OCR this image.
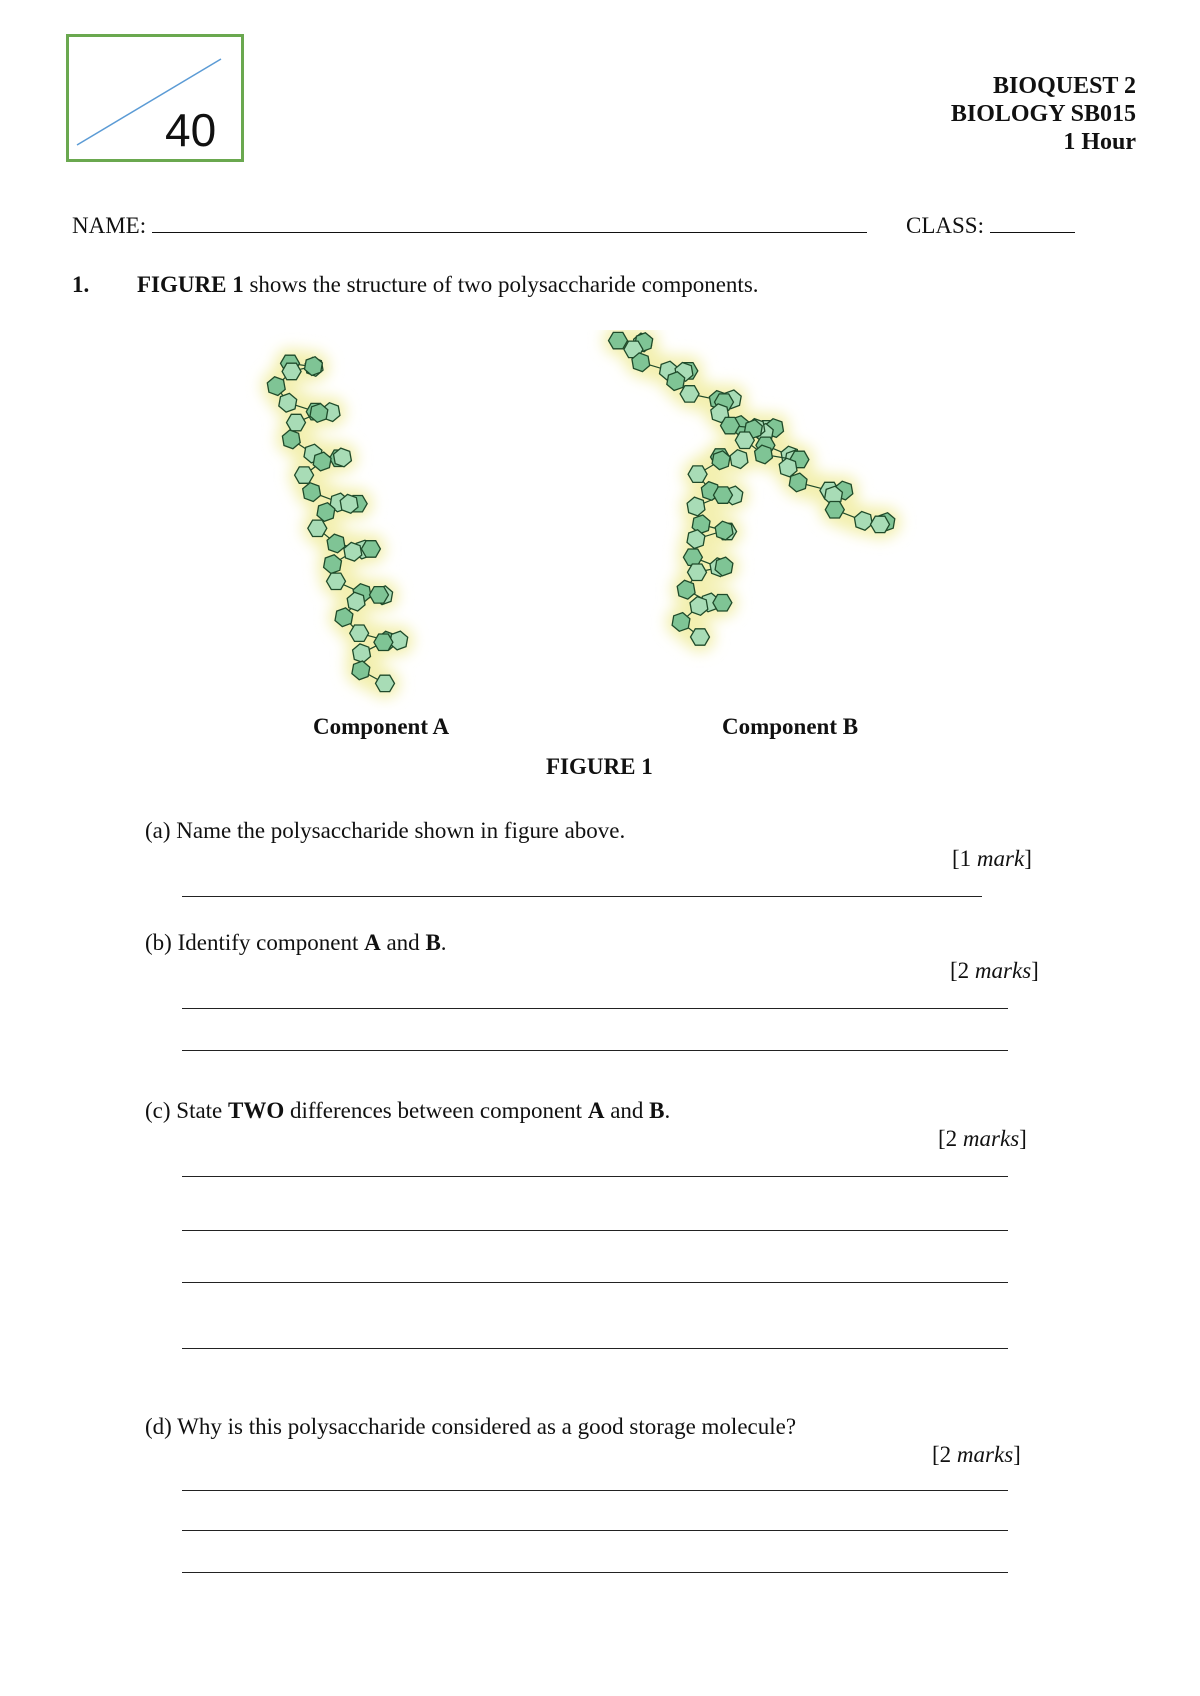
40
BIOQUEST 2
BIOLOGY SB015
1 Hour
NAME:	CLASS:
1. FIGURE 1 shows the structure of two polysaccharide components.
Component A	Component B
FIGURE 1
(a) Name the polysaccharide shown in figure above.
[1 mark]
(b) Identify component A and B.
[2 marks]
(c) State TWO differences between component A and B.
[2 marks]
(d) Why is this polysaccharide considered as a good storage molecule?
[2 marks]
